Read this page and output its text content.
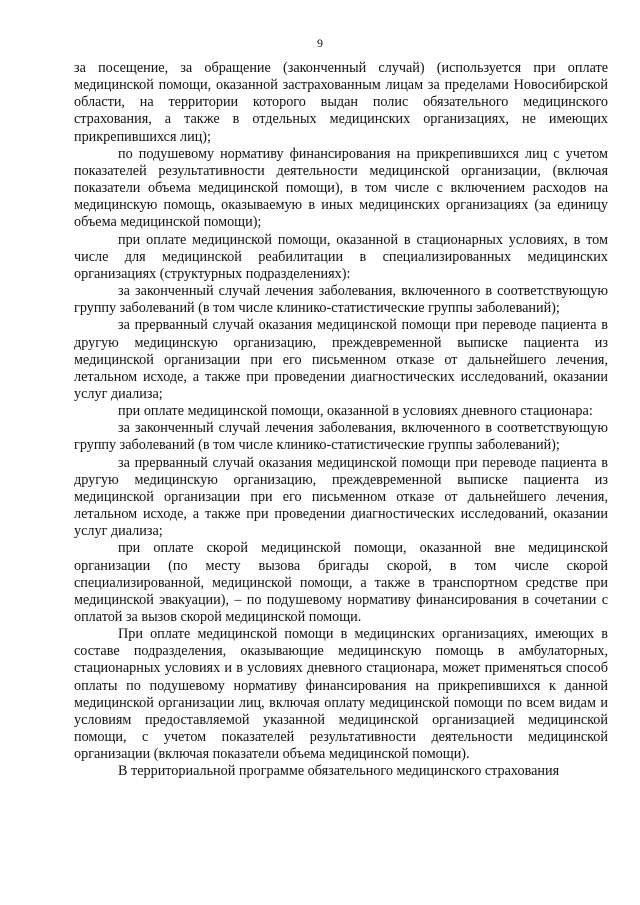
9

за посещение, за обращение (законченный случай) (используется при оплате медицинской помощи, оказанной застрахованным лицам за пределами Новосибирской области, на территории которого выдан полис обязательного медицинского страхования, а также в отдельных медицинских организациях, не имеющих прикрепившихся лиц);

по подушевому нормативу финансирования на прикрепившихся лиц с учетом показателей результативности деятельности медицинской организации, (включая показатели объема медицинской помощи), в том числе с включением расходов на медицинскую помощь, оказываемую в иных медицинских организациях (за единицу объема медицинской помощи);

при оплате медицинской помощи, оказанной в стационарных условиях, в том числе для медицинской реабилитации в специализированных медицинских организациях (структурных подразделениях):

за законченный случай лечения заболевания, включенного в соответствующую группу заболеваний (в том числе клинико-статистические группы заболеваний);

за прерванный случай оказания медицинской помощи при переводе пациента в другую медицинскую организацию, преждевременной выписке пациента из медицинской организации при его письменном отказе от дальнейшего лечения, летальном исходе, а также при проведении диагностических исследований, оказании услуг диализа;

при оплате медицинской помощи, оказанной в условиях дневного стационара:

за законченный случай лечения заболевания, включенного в соответствующую группу заболеваний (в том числе клинико-статистические группы заболеваний);

за прерванный случай оказания медицинской помощи при переводе пациента в другую медицинскую организацию, преждевременной выписке пациента из медицинской организации при его письменном отказе от дальнейшего лечения, летальном исходе, а также при проведении диагностических исследований, оказании услуг диализа;

при оплате скорой медицинской помощи, оказанной вне медицинской организации (по месту вызова бригады скорой, в том числе скорой специализированной, медицинской помощи, а также в транспортном средстве при медицинской эвакуации), – по подушевому нормативу финансирования в сочетании с оплатой за вызов скорой медицинской помощи.

При оплате медицинской помощи в медицинских организациях, имеющих в составе подразделения, оказывающие медицинскую помощь в амбулаторных, стационарных условиях и в условиях дневного стационара, может применяться способ оплаты по подушевому нормативу финансирования на прикрепившихся к данной медицинской организации лиц, включая оплату медицинской помощи по всем видам и условиям предоставляемой указанной медицинской организацией медицинской помощи, с учетом показателей результативности деятельности медицинской организации (включая показатели объема медицинской помощи).

В территориальной программе обязательного медицинского страхования
